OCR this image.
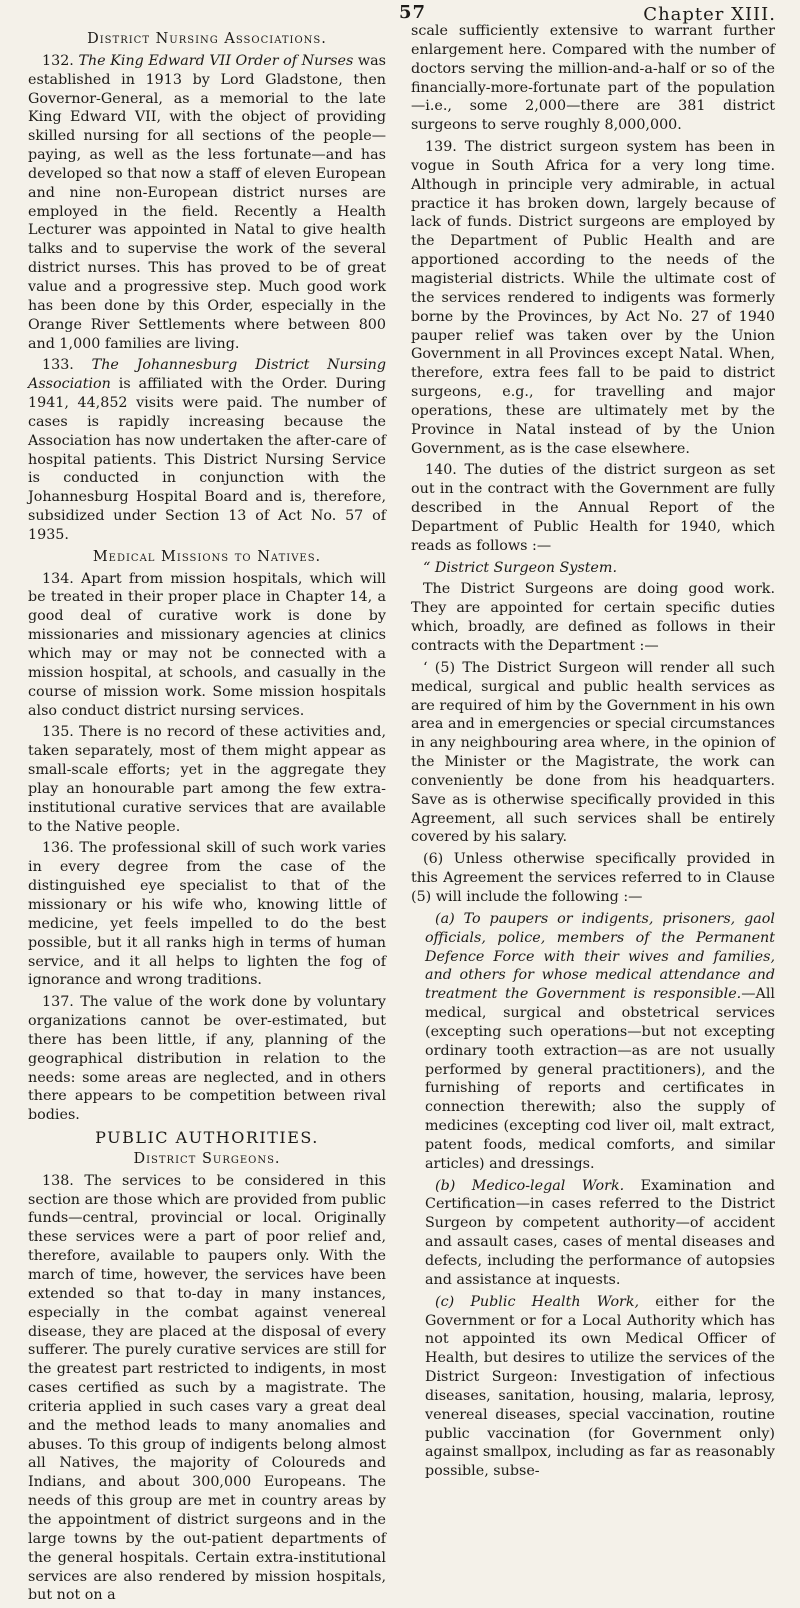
57	Chapter XIII.
District Nursing Associations.

132. The King Edward VII Order of Nurses was established in 1913 by Lord Gladstone, then Governor-General, as a memorial to the late King Edward VII, with the object of providing skilled nursing for all sections of the people—paying, as well as the less fortunate—and has developed so that now a staff of eleven European and nine non-European district nurses are employed in the field. Recently a Health Lecturer was appointed in Natal to give health talks and to supervise the work of the several district nurses. This has proved to be of great value and a progressive step. Much good work has been done by this Order, especially in the Orange River Settlements where between 800 and 1,000 families are living.

133. The Johannesburg District Nursing Association is affiliated with the Order. During 1941, 44,852 visits were paid. The number of cases is rapidly increasing because the Association has now undertaken the after-care of hospital patients. This District Nursing Service is conducted in conjunction with the Johannesburg Hospital Board and is, therefore, subsidized under Section 13 of Act No. 57 of 1935.

Medical Missions to Natives.

134. Apart from mission hospitals, which will be treated in their proper place in Chapter 14, a good deal of curative work is done by missionaries and missionary agencies at clinics which may or may not be connected with a mission hospital, at schools, and casually in the course of mission work. Some mission hospitals also conduct district nursing services.

135. There is no record of these activities and, taken separately, most of them might appear as small-scale efforts; yet in the aggregate they play an honourable part among the few extra-institutional curative services that are available to the Native people.

136. The professional skill of such work varies in every degree from the case of the distinguished eye specialist to that of the missionary or his wife who, knowing little of medicine, yet feels impelled to do the best possible, but it all ranks high in terms of human service, and it all helps to lighten the fog of ignorance and wrong traditions.

137. The value of the work done by voluntary organizations cannot be over-estimated, but there has been little, if any, planning of the geographical distribution in relation to the needs: some areas are neglected, and in others there appears to be competition between rival bodies.

PUBLIC AUTHORITIES.
District Surgeons.

138. The services to be considered in this section are those which are provided from public funds—central, provincial or local. Originally these services were a part of poor relief and, therefore, available to paupers only. With the march of time, however, the services have been extended so that to-day in many instances, especially in the combat against venereal disease, they are placed at the disposal of every sufferer. The purely curative services are still for the greatest part restricted to indigents, in most cases certified as such by a magistrate. The criteria applied in such cases vary a great deal and the method leads to many anomalies and abuses. To this group of indigents belong almost all Natives, the majority of Coloureds and Indians, and about 300,000 Europeans. The needs of this group are met in country areas by the appointment of district surgeons and in the large towns by the out-patient departments of the general hospitals. Certain extra-institutional services are also rendered by mission hospitals, but not on a

scale sufficiently extensive to warrant further enlargement here. Compared with the number of doctors serving the million-and-a-half or so of the financially-more-fortunate part of the population—i.e., some 2,000—there are 381 district surgeons to serve roughly 8,000,000.

139. The district surgeon system has been in vogue in South Africa for a very long time. Although in principle very admirable, in actual practice it has broken down, largely because of lack of funds. District surgeons are employed by the Department of Public Health and are apportioned according to the needs of the magisterial districts. While the ultimate cost of the services rendered to indigents was formerly borne by the Provinces, by Act No. 27 of 1940 pauper relief was taken over by the Union Government in all Provinces except Natal. When, therefore, extra fees fall to be paid to district surgeons, e.g., for travelling and major operations, these are ultimately met by the Province in Natal instead of by the Union Government, as is the case elsewhere.

140. The duties of the district surgeon as set out in the contract with the Government are fully described in the Annual Report of the Department of Public Health for 1940, which reads as follows :—

“ District Surgeon System.

The District Surgeons are doing good work. They are appointed for certain specific duties which, broadly, are defined as follows in their contracts with the Department :—

‘ (5) The District Surgeon will render all such medical, surgical and public health services as are required of him by the Government in his own area and in emergencies or special circumstances in any neighbouring area where, in the opinion of the Minister or the Magistrate, the work can conveniently be done from his headquarters. Save as is otherwise specifically provided in this Agreement, all such services shall be entirely covered by his salary.

(6) Unless otherwise specifically provided in this Agreement the services referred to in Clause (5) will include the following :—

(a) To paupers or indigents, prisoners, gaol officials, police, members of the Permanent Defence Force with their wives and families, and others for whose medical attendance and treatment the Government is responsible.—All medical, surgical and obstetrical services (excepting such operations—but not excepting ordinary tooth extraction—as are not usually performed by general practitioners), and the furnishing of reports and certificates in connection therewith; also the supply of medicines (excepting cod liver oil, malt extract, patent foods, medical comforts, and similar articles) and dressings.

(b) Medico-legal Work. Examination and Certification—in cases referred to the District Surgeon by competent authority—of accident and assault cases, cases of mental diseases and defects, including the performance of autopsies and assistance at inquests.

(c) Public Health Work, either for the Government or for a Local Authority which has not appointed its own Medical Officer of Health, but desires to utilize the services of the District Surgeon: Investigation of infectious diseases, sanitation, housing, malaria, leprosy, venereal diseases, special vaccination, routine public vaccination (for Government only) against smallpox, including as far as reasonably possible, subse-
